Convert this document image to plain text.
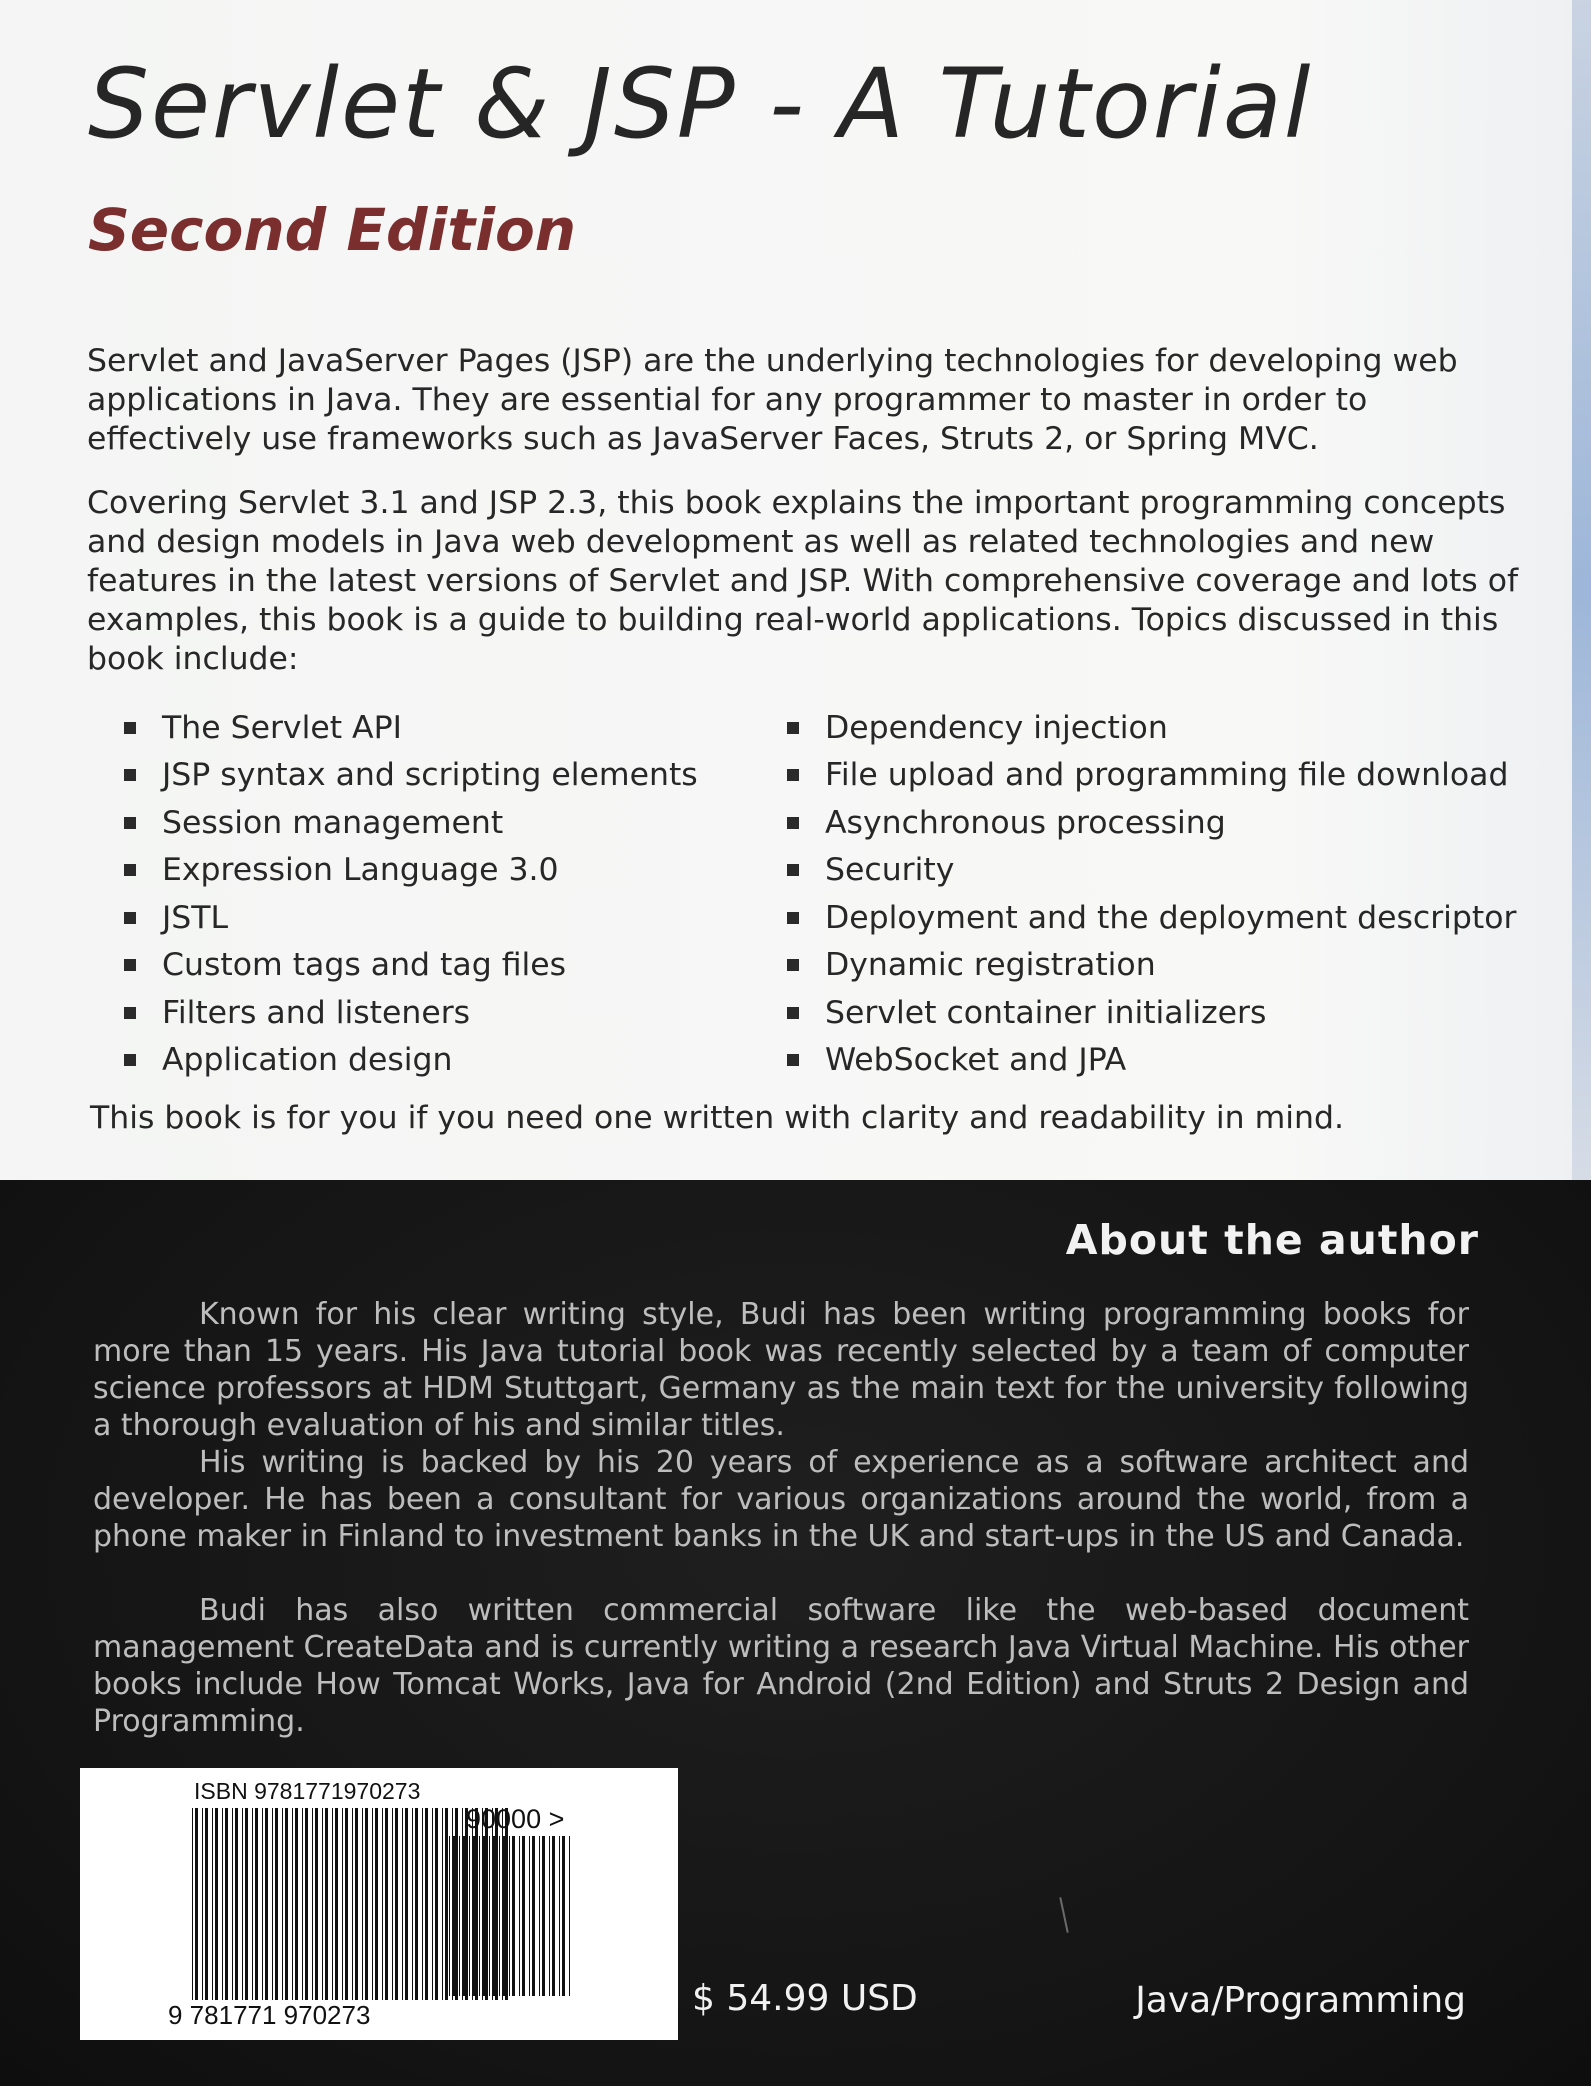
Servlet & JSP - A Tutorial
Second Edition

Servlet and JavaServer Pages (JSP) are the underlying technologies for developing web applications in Java. They are essential for any programmer to master in order to effectively use frameworks such as JavaServer Faces, Struts 2, or Spring MVC.

Covering Servlet 3.1 and JSP 2.3, this book explains the important programming concepts and design models in Java web development as well as related technologies and new features in the latest versions of Servlet and JSP. With comprehensive coverage and lots of examples, this book is a guide to building real-world applications. Topics discussed in this book include:

The Servlet API
JSP syntax and scripting elements
Session management
Expression Language 3.0
JSTL
Custom tags and tag files
Filters and listeners
Application design
Dependency injection
File upload and programming file download
Asynchronous processing
Security
Deployment and the deployment descriptor
Dynamic registration
Servlet container initializers
WebSocket and JPA

This book is for you if you need one written with clarity and readability in mind.

About the author

Known for his clear writing style, Budi has been writing programming books for more than 15 years. His Java tutorial book was recently selected by a team of computer science professors at HDM Stuttgart, Germany as the main text for the university following a thorough evaluation of his and similar titles.

His writing is backed by his 20 years of experience as a software architect and developer. He has been a consultant for various organizations around the world, from a phone maker in Finland to investment banks in the UK and start-ups in the US and Canada.

Budi has also written commercial software like the web-based document management CreateData and is currently writing a research Java Virtual Machine. His other books include How Tomcat Works, Java for Android (2nd Edition) and Struts 2 Design and Programming.

ISBN 9781771970273

90000 >

9 781771 970273	$ 54.99 USD	Java/Programming
